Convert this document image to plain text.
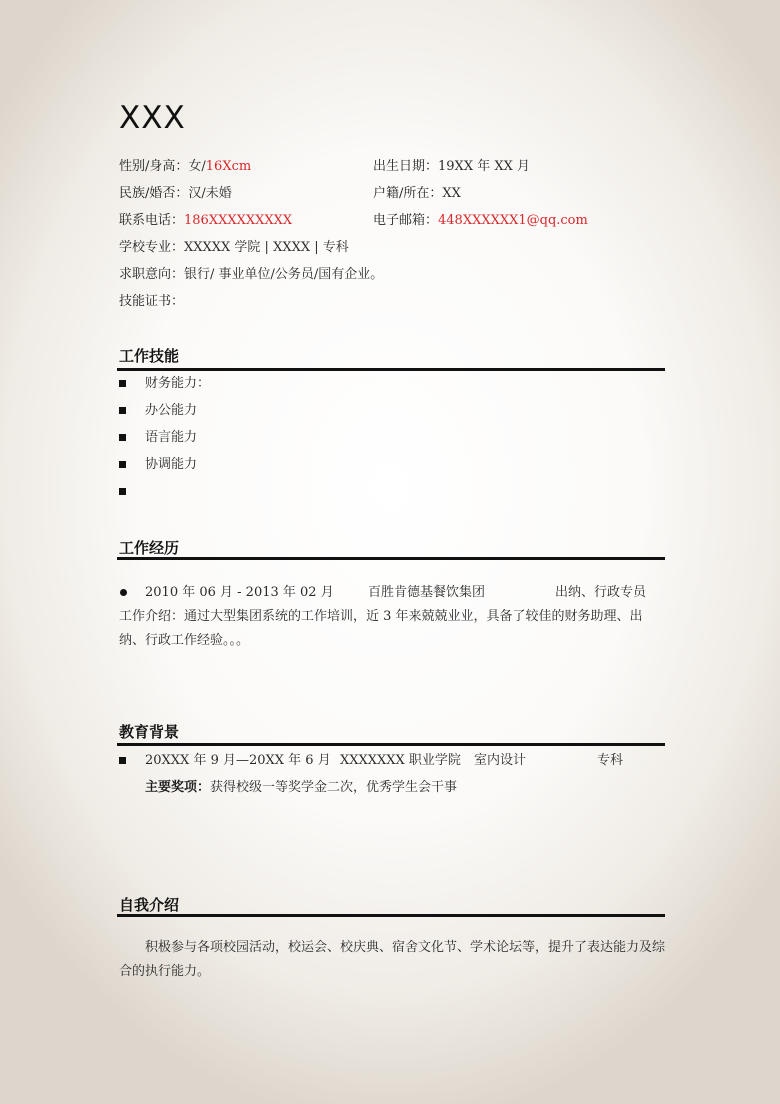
XXX
性别/身高：女/16Xcm	出生日期：19XX 年 XX 月
民族/婚否：汉/未婚	户籍/所在：XX
联系电话：186XXXXXXXXX	电子邮箱：448XXXXXX1@qq.com
学校专业：XXXXX 学院 | XXXX | 专科
求职意向：银行/ 事业单位/公务员/国有企业。
技能证书：
工作技能
财务能力：
办公能力
语言能力
协调能力
工作经历
2010 年 06 月 - 2013 年 02 月	百胜肯德基餐饮集团	出纳、行政专员
工作介绍：通过大型集团系统的工作培训，近 3 年来兢兢业业，具备了较佳的财务助理、出纳、行政工作经验。。。
教育背景
20XXX 年 9 月—20XX 年 6 月 XXXXXXX 职业学院 室内设计	专科
主要奖项：获得校级一等奖学金二次，优秀学生会干事
自我介绍
积极参与各项校园活动，校运会、校庆典、宿舍文化节、学术论坛等，提升了表达能力及综合的执行能力。
